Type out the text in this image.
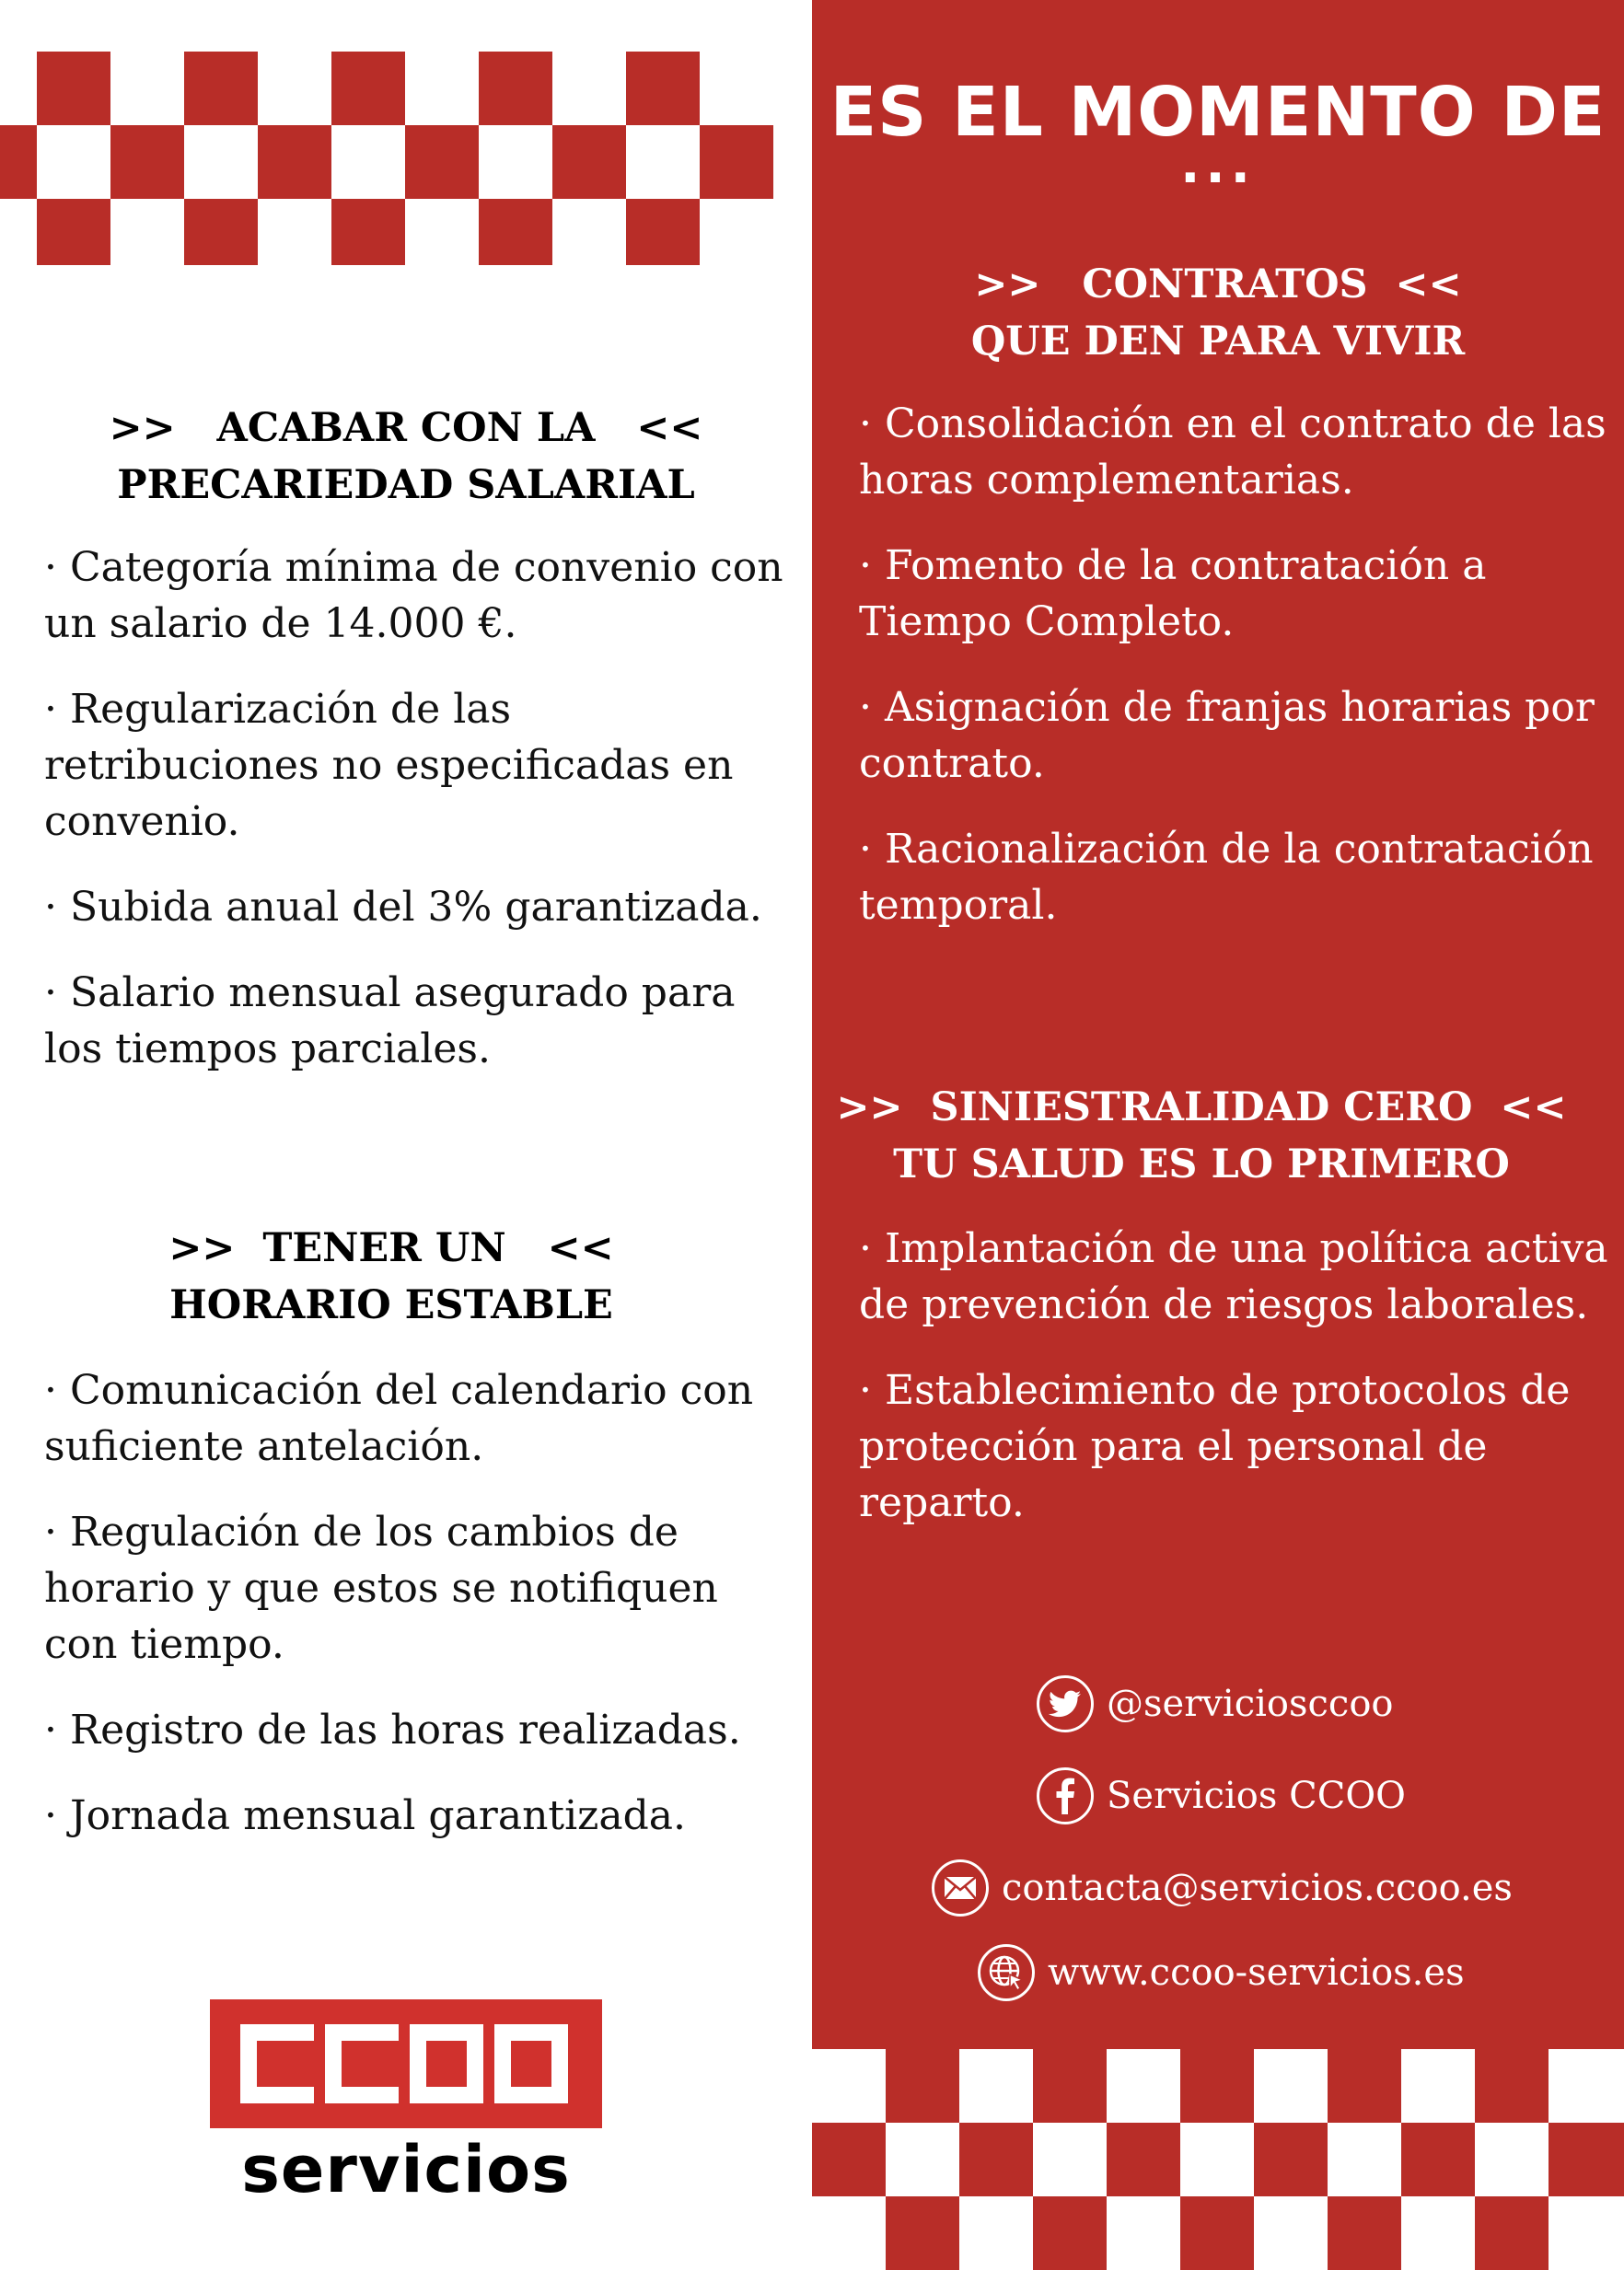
>>   ACABAR CON LA   <<
PRECARIEDAD SALARIAL
· Categoría mínima de convenio con un salario de 14.000 €.
· Regularización de las retribuciones no especificadas en convenio.
· Subida anual del 3% garantizada.
· Salario mensual asegurado para los tiempos parciales.
>>  TENER UN   <<
HORARIO ESTABLE
· Comunicación del calendario con suficiente antelación.
· Regulación de los cambios de horario y que estos se notifiquen con tiempo.
· Registro de las horas realizadas.
· Jornada mensual garantizada.
servicios
>>   CONTRATOS  <<
QUE DEN PARA VIVIR
· Consolidación en el contrato de las horas complementarias.
· Fomento de la contratación a Tiempo Completo.
· Asignación de franjas horarias por contrato.
· Racionalización de la contratación temporal.
>>  SINIESTRALIDAD CERO  <<
TU SALUD ES LO PRIMERO
· Implantación de una política activa de prevención de riesgos laborales.
· Establecimiento de protocolos de protección para el personal de reparto.
@serviciosccoo
Servicios CCOO
contacta@servicios.ccoo.es
www.ccoo-servicios.es
ES EL MOMENTO DE
...
